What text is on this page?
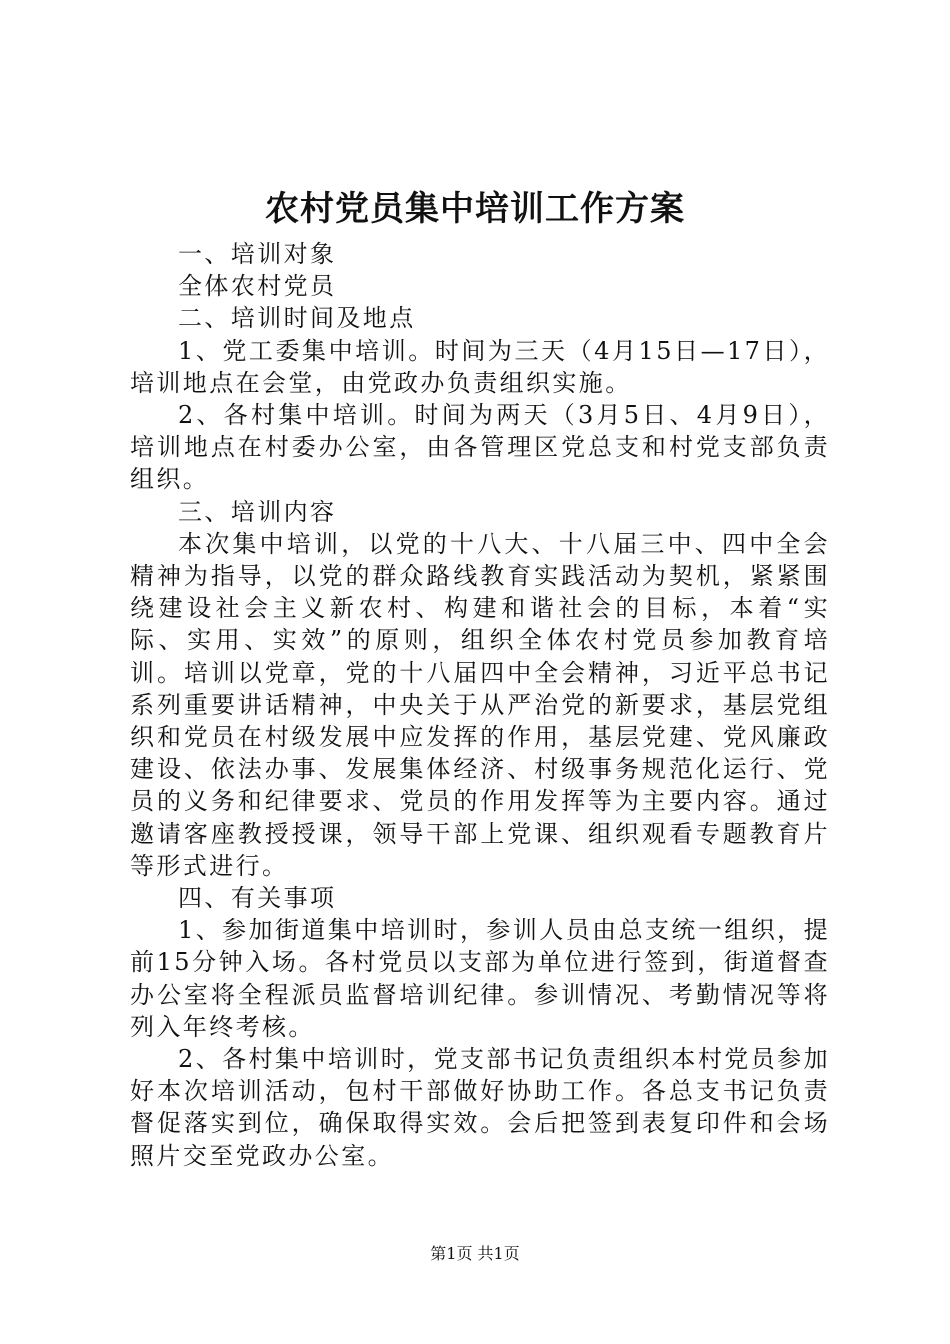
农村党员集中培训工作方案

一、培训对象

全体农村党员

二、培训时间及地点

1、党工委集中培训。时间为三天（4月15日—17日），培训地点在会堂，由党政办负责组织实施。

2、各村集中培训。时间为两天（3月5日、4月9日），培训地点在村委办公室，由各管理区党总支和村党支部负责组织。

三、培训内容

本次集中培训，以党的十八大、十八届三中、四中全会精神为指导，以党的群众路线教育实践活动为契机，紧紧围绕建设社会主义新农村、构建和谐社会的目标，本着“实际、实用、实效”的原则，组织全体农村党员参加教育培训。培训以党章，党的十八届四中全会精神，习近平总书记系列重要讲话精神，中央关于从严治党的新要求，基层党组织和党员在村级发展中应发挥的作用，基层党建、党风廉政建设、依法办事、发展集体经济、村级事务规范化运行、党员的义务和纪律要求、党员的作用发挥等为主要内容。通过邀请客座教授授课，领导干部上党课、组织观看专题教育片等形式进行。

四、有关事项

1、参加街道集中培训时，参训人员由总支统一组织，提前15分钟入场。各村党员以支部为单位进行签到，街道督查办公室将全程派员监督培训纪律。参训情况、考勤情况等将列入年终考核。

2、各村集中培训时，党支部书记负责组织本村党员参加好本次培训活动，包村干部做好协助工作。各总支书记负责督促落实到位，确保取得实效。会后把签到表复印件和会场照片交至党政办公室。

第1页 共1页
